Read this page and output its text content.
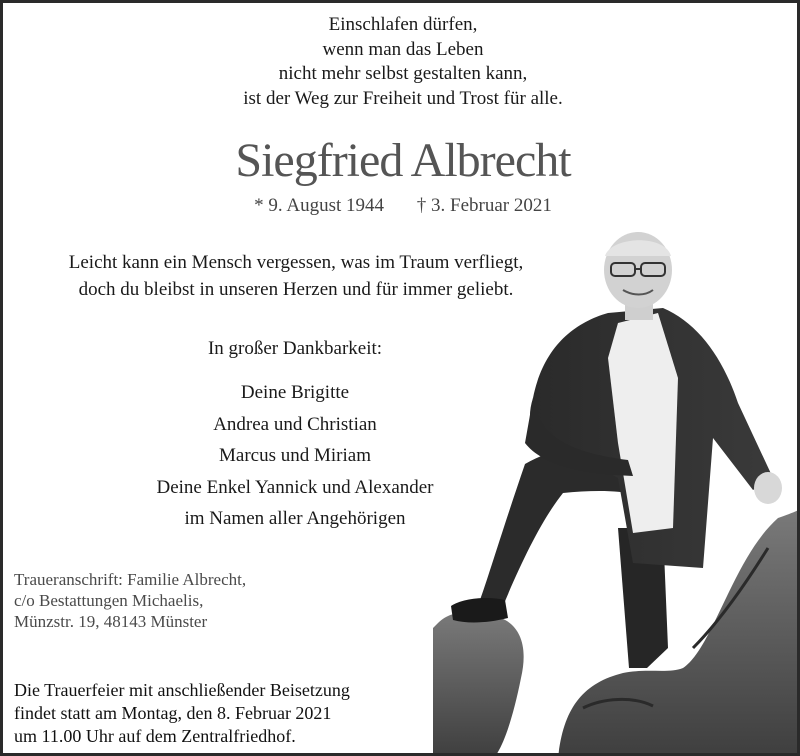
Einschlafen dürfen,
wenn man das Leben
nicht mehr selbst gestalten kann,
ist der Weg zur Freiheit und Trost für alle.
Siegfried Albrecht
* 9. August 1944 † 3. Februar 2021
Leicht kann ein Mensch vergessen, was im Traum verfliegt,
doch du bleibst in unseren Herzen und für immer geliebt.
In großer Dankbarkeit:
Deine Brigitte
Andrea und Christian
Marcus und Miriam
Deine Enkel Yannick und Alexander
im Namen aller Angehörigen
Traueranschrift: Familie Albrecht,
c/o Bestattungen Michaelis,
Münzstr. 19, 48143 Münster
Die Trauerfeier mit anschließender Beisetzung
findet statt am Montag, den 8. Februar 2021
um 11.00 Uhr auf dem Zentralfriedhof.
